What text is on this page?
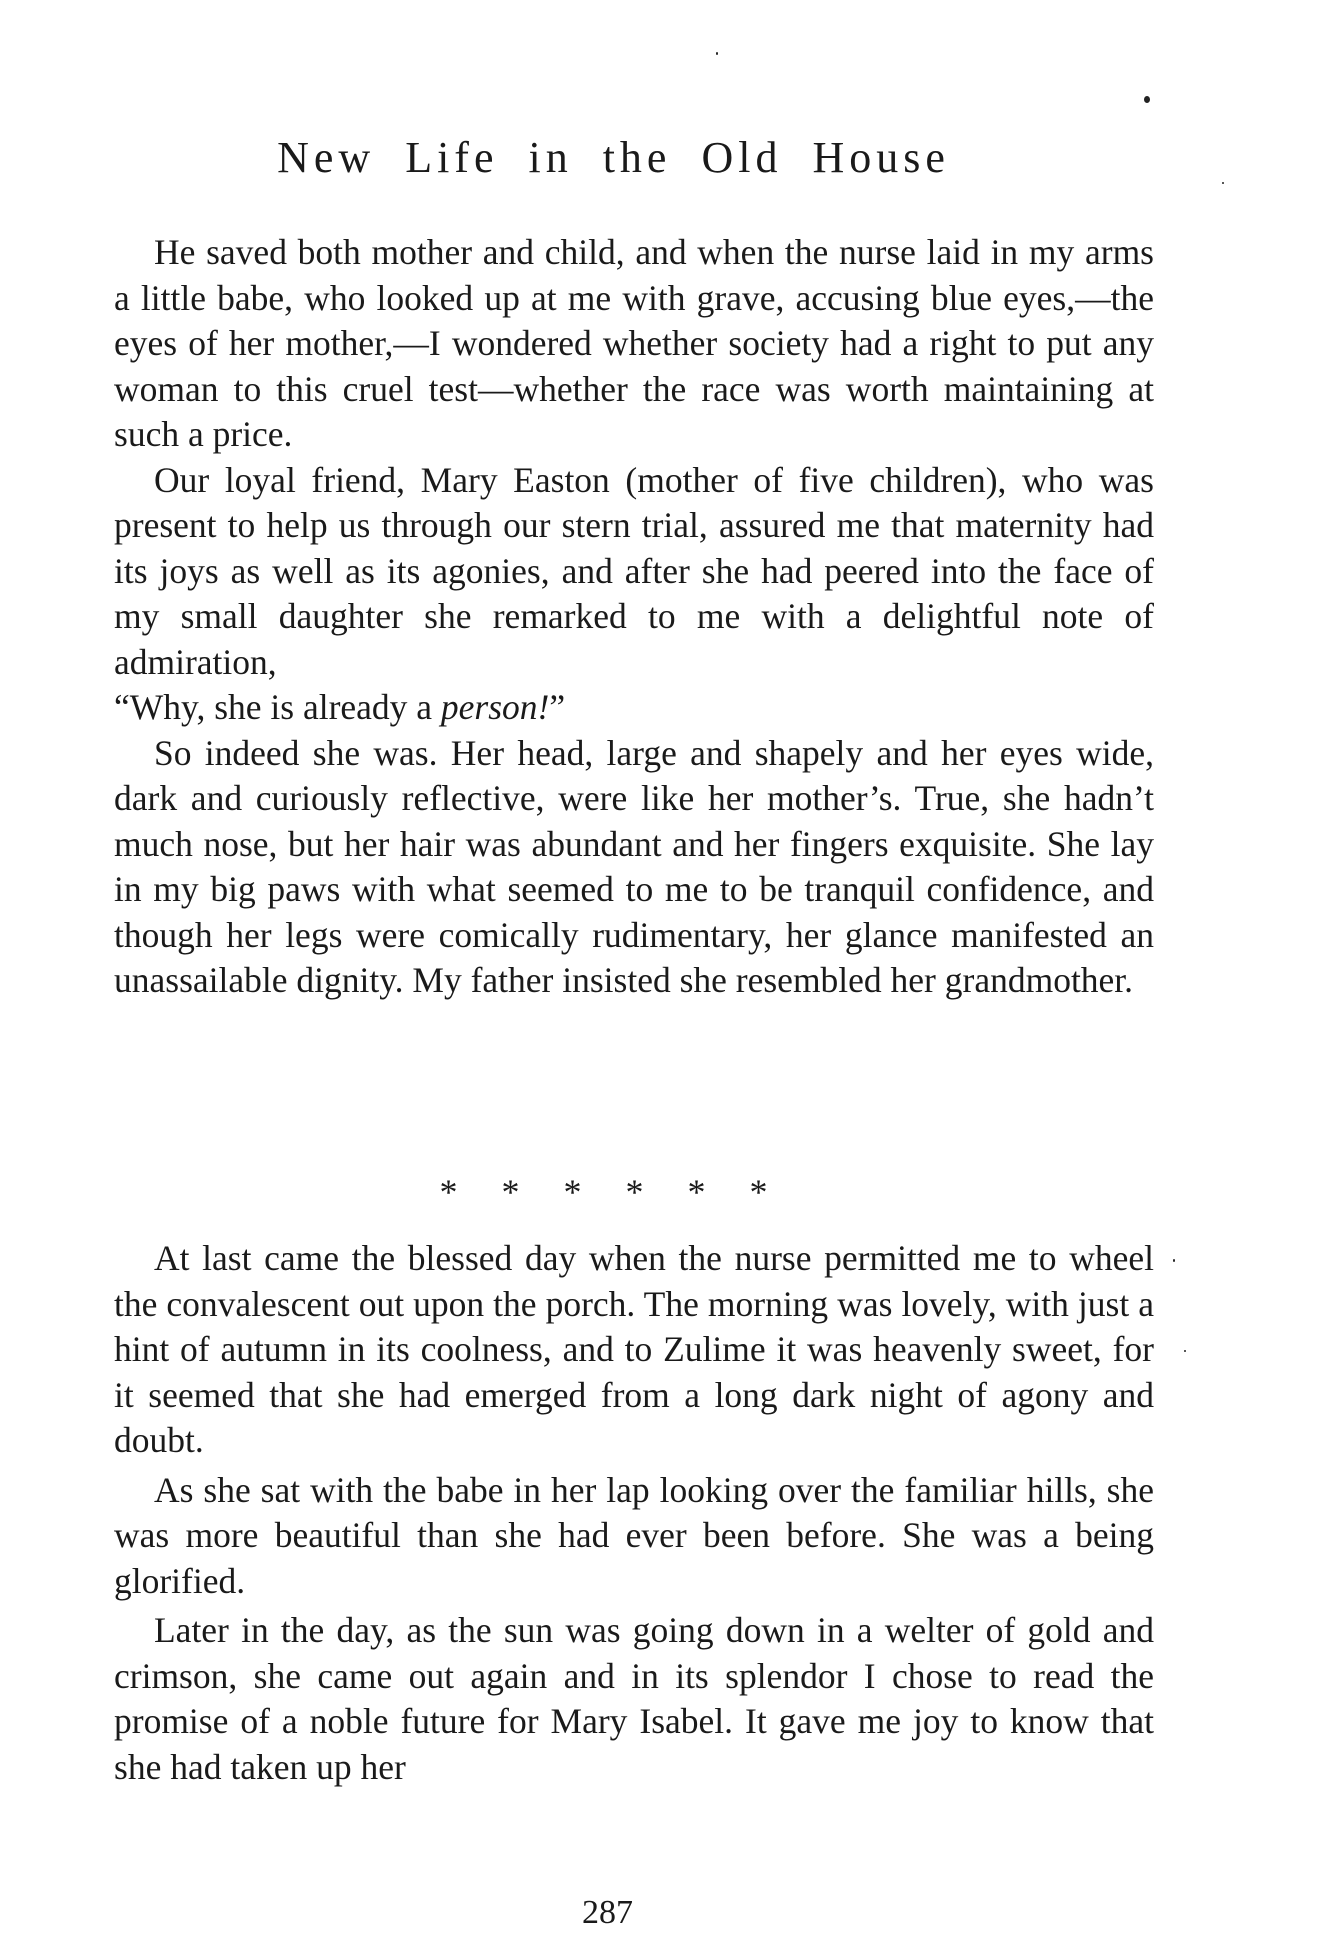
New Life in the Old House

He saved both mother and child, and when the nurse laid in my arms a little babe, who looked up at me with grave, accusing blue eyes,—the eyes of her mother,—I wondered whether society had a right to put any woman to this cruel test—whether the race was worth maintaining at such a price.

Our loyal friend, Mary Easton (mother of five children), who was present to help us through our stern trial, assured me that maternity had its joys as well as its agonies, and after she had peered into the face of my small daughter she remarked to me with a delightful note of admiration,
“Why, she is already a person!”

So indeed she was. Her head, large and shapely and her eyes wide, dark and curiously reflective, were like her mother’s. True, she hadn’t much nose, but her hair was abundant and her fingers exquisite. She lay in my big paws with what seemed to me to be tranquil confidence, and though her legs were comically rudimentary, her glance manifested an unassailable dignity. My father insisted she resembled her grandmother.

* * * * * *

At last came the blessed day when the nurse permitted me to wheel the convalescent out upon the porch. The morning was lovely, with just a hint of autumn in its coolness, and to Zulime it was heavenly sweet, for it seemed that she had emerged from a long dark night of agony and doubt.

As she sat with the babe in her lap looking over the familiar hills, she was more beautiful than she had ever been before. She was a being glorified.

Later in the day, as the sun was going down in a welter of gold and crimson, she came out again and in its splendor I chose to read the promise of a noble future for Mary Isabel. It gave me joy to know that she had taken up her

287
